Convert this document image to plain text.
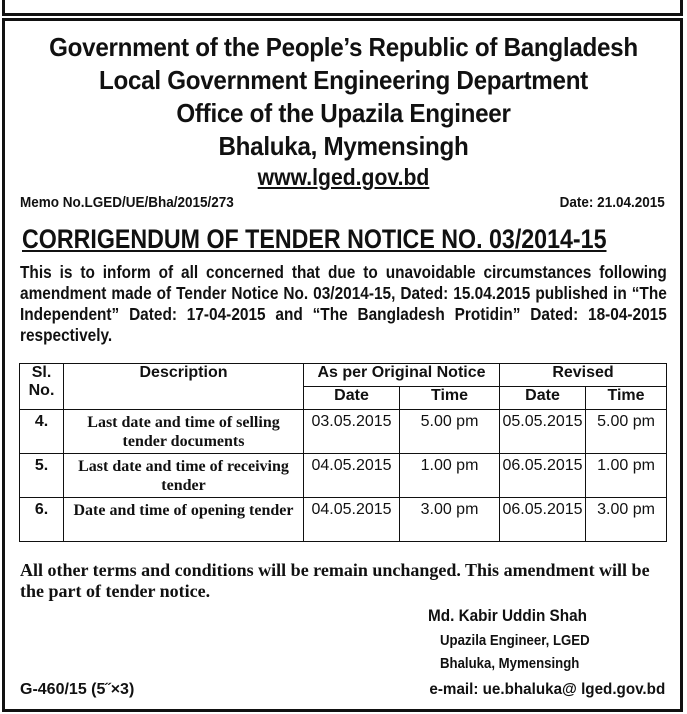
Government of the People’s Republic of Bangladesh
Local Government Engineering Department
Office of the Upazila Engineer
Bhaluka, Mymensingh
www.lged.gov.bd
Memo No.LGED/UE/Bha/2015/273	Date: 21.04.2015
CORRIGENDUM OF TENDER NOTICE NO. 03/2014-15
This is to inform of all concerned that due to unavoidable circumstances following amendment made of Tender Notice No. 03/2014-15, Dated: 15.04.2015 published in “The Independent” Dated: 17-04-2015 and “The Bangladesh Protidin” Dated: 18-04-2015 respectively.
Sl. No.	Description	As per Original Notice		Revised	
		Date	Time	Date	Time
4.	Last date and time of selling tender documents	03.05.2015	5.00 pm	05.05.2015	5.00 pm
5.	Last date and time of receiving tender	04.05.2015	1.00 pm	06.05.2015	1.00 pm
6.	Date and time of opening tender	04.05.2015	3.00 pm	06.05.2015	3.00 pm
All other terms and conditions will be remain unchanged. This amendment will be the part of tender notice.
Md. Kabir Uddin Shah
Upazila Engineer, LGED
Bhaluka, Mymensingh
G-460/15 (5˝×3)	e-mail: ue.bhaluka@ lged.gov.bd
